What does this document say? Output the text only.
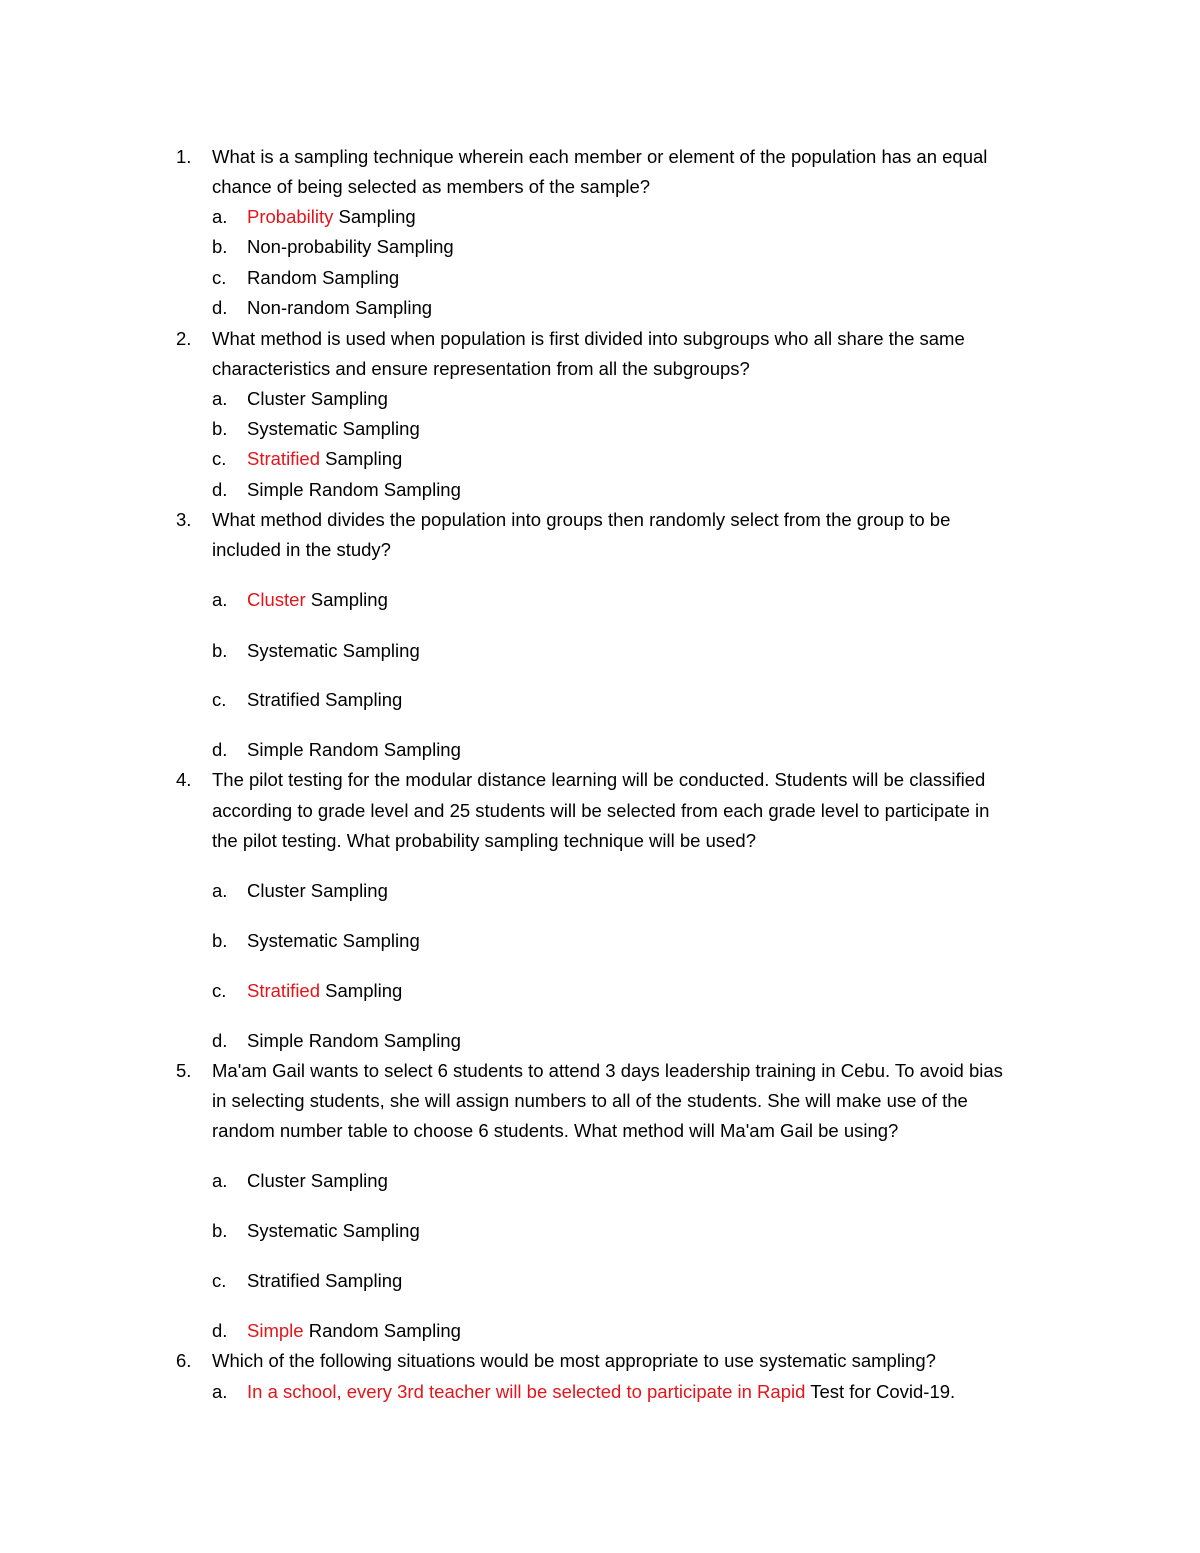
1. What is a sampling technique wherein each member or element of the population has an equal
chance of being selected as members of the sample?
a. Probability Sampling
b. Non-probability Sampling
c. Random Sampling
d. Non-random Sampling
2. What method is used when population is first divided into subgroups who all share the same
characteristics and ensure representation from all the subgroups?
a. Cluster Sampling
b. Systematic Sampling
c. Stratified Sampling
d. Simple Random Sampling
3. What method divides the population into groups then randomly select from the group to be
included in the study?
a. Cluster Sampling
b. Systematic Sampling
c. Stratified Sampling
d. Simple Random Sampling
4. The pilot testing for the modular distance learning will be conducted. Students will be classified
according to grade level and 25 students will be selected from each grade level to participate in
the pilot testing. What probability sampling technique will be used?
a. Cluster Sampling
b. Systematic Sampling
c. Stratified Sampling
d. Simple Random Sampling
5. Ma'am Gail wants to select 6 students to attend 3 days leadership training in Cebu. To avoid bias
in selecting students, she will assign numbers to all of the students. She will make use of the
random number table to choose 6 students. What method will Ma'am Gail be using?
a. Cluster Sampling
b. Systematic Sampling
c. Stratified Sampling
d. Simple Random Sampling
6. Which of the following situations would be most appropriate to use systematic sampling?
a. In a school, every 3rd teacher will be selected to participate in Rapid Test for Covid-19.
